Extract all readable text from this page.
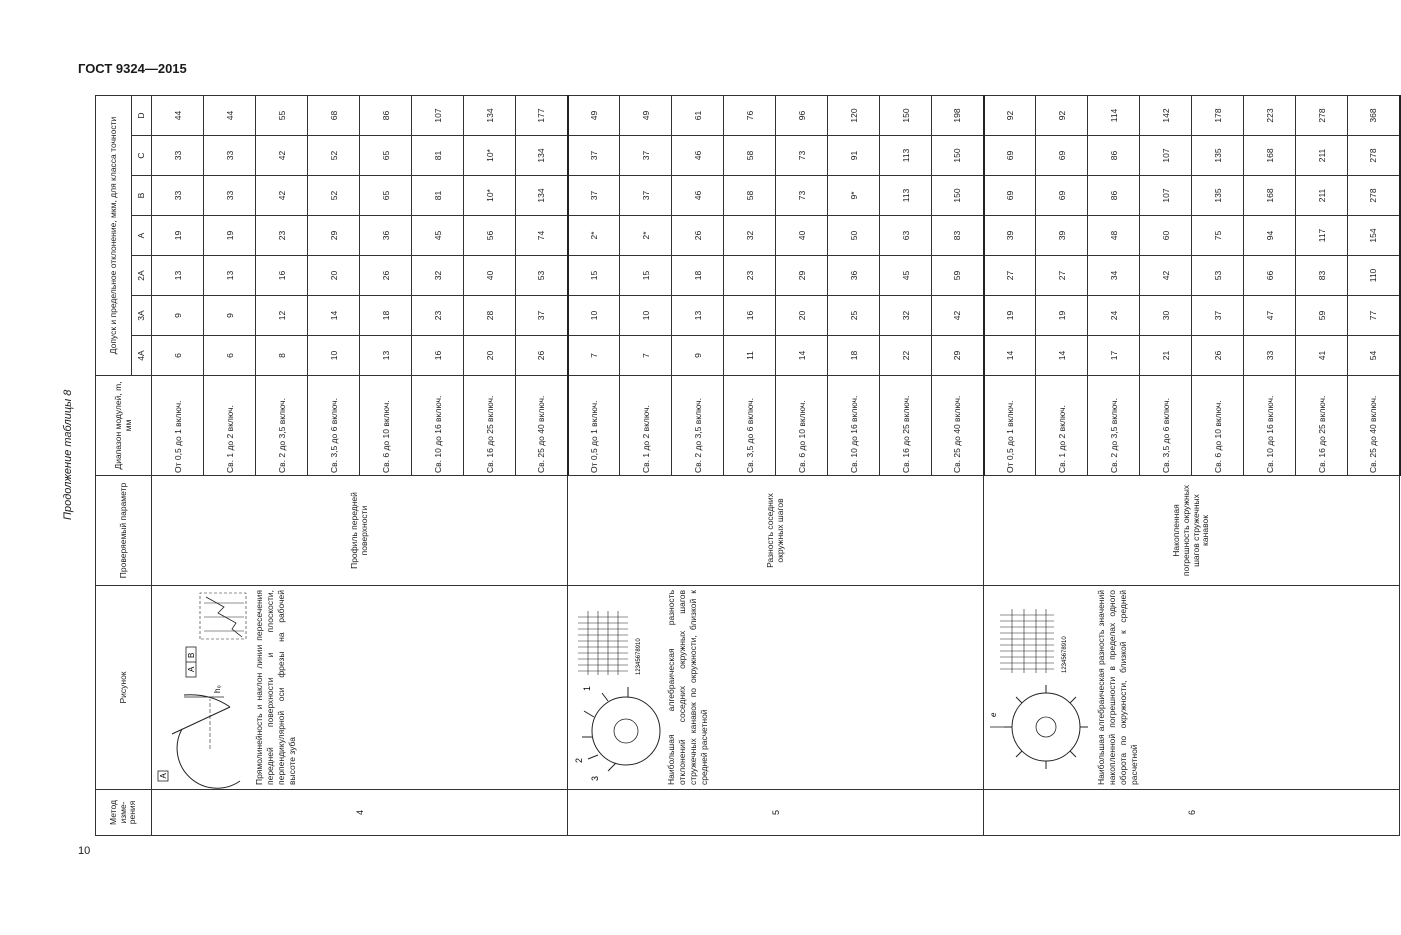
ГОСТ 9324—2015
Продолжение таблицы 8
10
Метод изме-рения	Рисунок	Проверяемый параметр	Диапазон модулей, m, мм	Допуск и предельное отклонение, мкм, для класса точности						
				4А	3А	2А	А	В	С	D
4	А
h₀
А
В Прямолинейность и наклон линии пересечения передней поверхности и плоскости, перпендикулярной оси фрезы на рабочей высоте зуба	Профиль передней поверхности	От 0,5 до 1 включ.	6	9	13	19	33	33	44
			Св. 1 до 2 включ.	6	9	13	19	33	33	44
			Св. 2 до 3,5 включ.	8	12	16	23	42	42	55
			Св. 3,5 до 6 включ.	10	14	20	29	52	52	68
			Св. 6 до 10 включ.	13	18	26	36	65	65	86
			Св. 10 до 16 включ.	16	23	32	45	81	81	107
			Св. 16 до 25 включ.	20	28	40	56	10*	10*	134
			Св. 25 до 40 включ.	26	37	53	74	134	134	177
5	3
2
1
12345678910 Наибольшая алгебраическая разность отклонений соседних окружных шагов стружечных канавок по окружности, близкой к средней расчетной	Разность соседних окружных шагов	От 0,5 до 1 включ.	7	10	15	2*	37	37	49
			Св. 1 до 2 включ.	7	10	15	2*	37	37	49
			Св. 2 до 3,5 включ.	9	13	18	26	46	46	61
			Св. 3,5 до 6 включ.	11	16	23	32	58	58	76
			Св. 6 до 10 включ.	14	20	29	40	73	73	96
			Св. 10 до 16 включ.	18	25	36	50	9*	91	120
			Св. 16 до 25 включ.	22	32	45	63	113	113	150
			Св. 25 до 40 включ.	29	42	59	83	150	150	198
6	e
12345678910 Наибольшая алгебраическая разность значений накопленной погрешности в пределах одного оборота по окружности, близкой к средней расчетной	Накопленная погрешность окружных шагов стружечных канавок	От 0,5 до 1 включ.	14	19	27	39	69	69	92
			Св. 1 до 2 включ.	14	19	27	39	69	69	92
			Св. 2 до 3,5 включ.	17	24	34	48	86	86	114
			Св. 3,5 до 6 включ.	21	30	42	60	107	107	142
			Св. 6 до 10 включ.	26	37	53	75	135	135	178
			Св. 10 до 16 включ.	33	47	66	94	168	168	223
			Св. 16 до 25 включ.	41	59	83	117	211	211	278
			Св. 25 до 40 включ.	54	77	110	154	278	278	368
